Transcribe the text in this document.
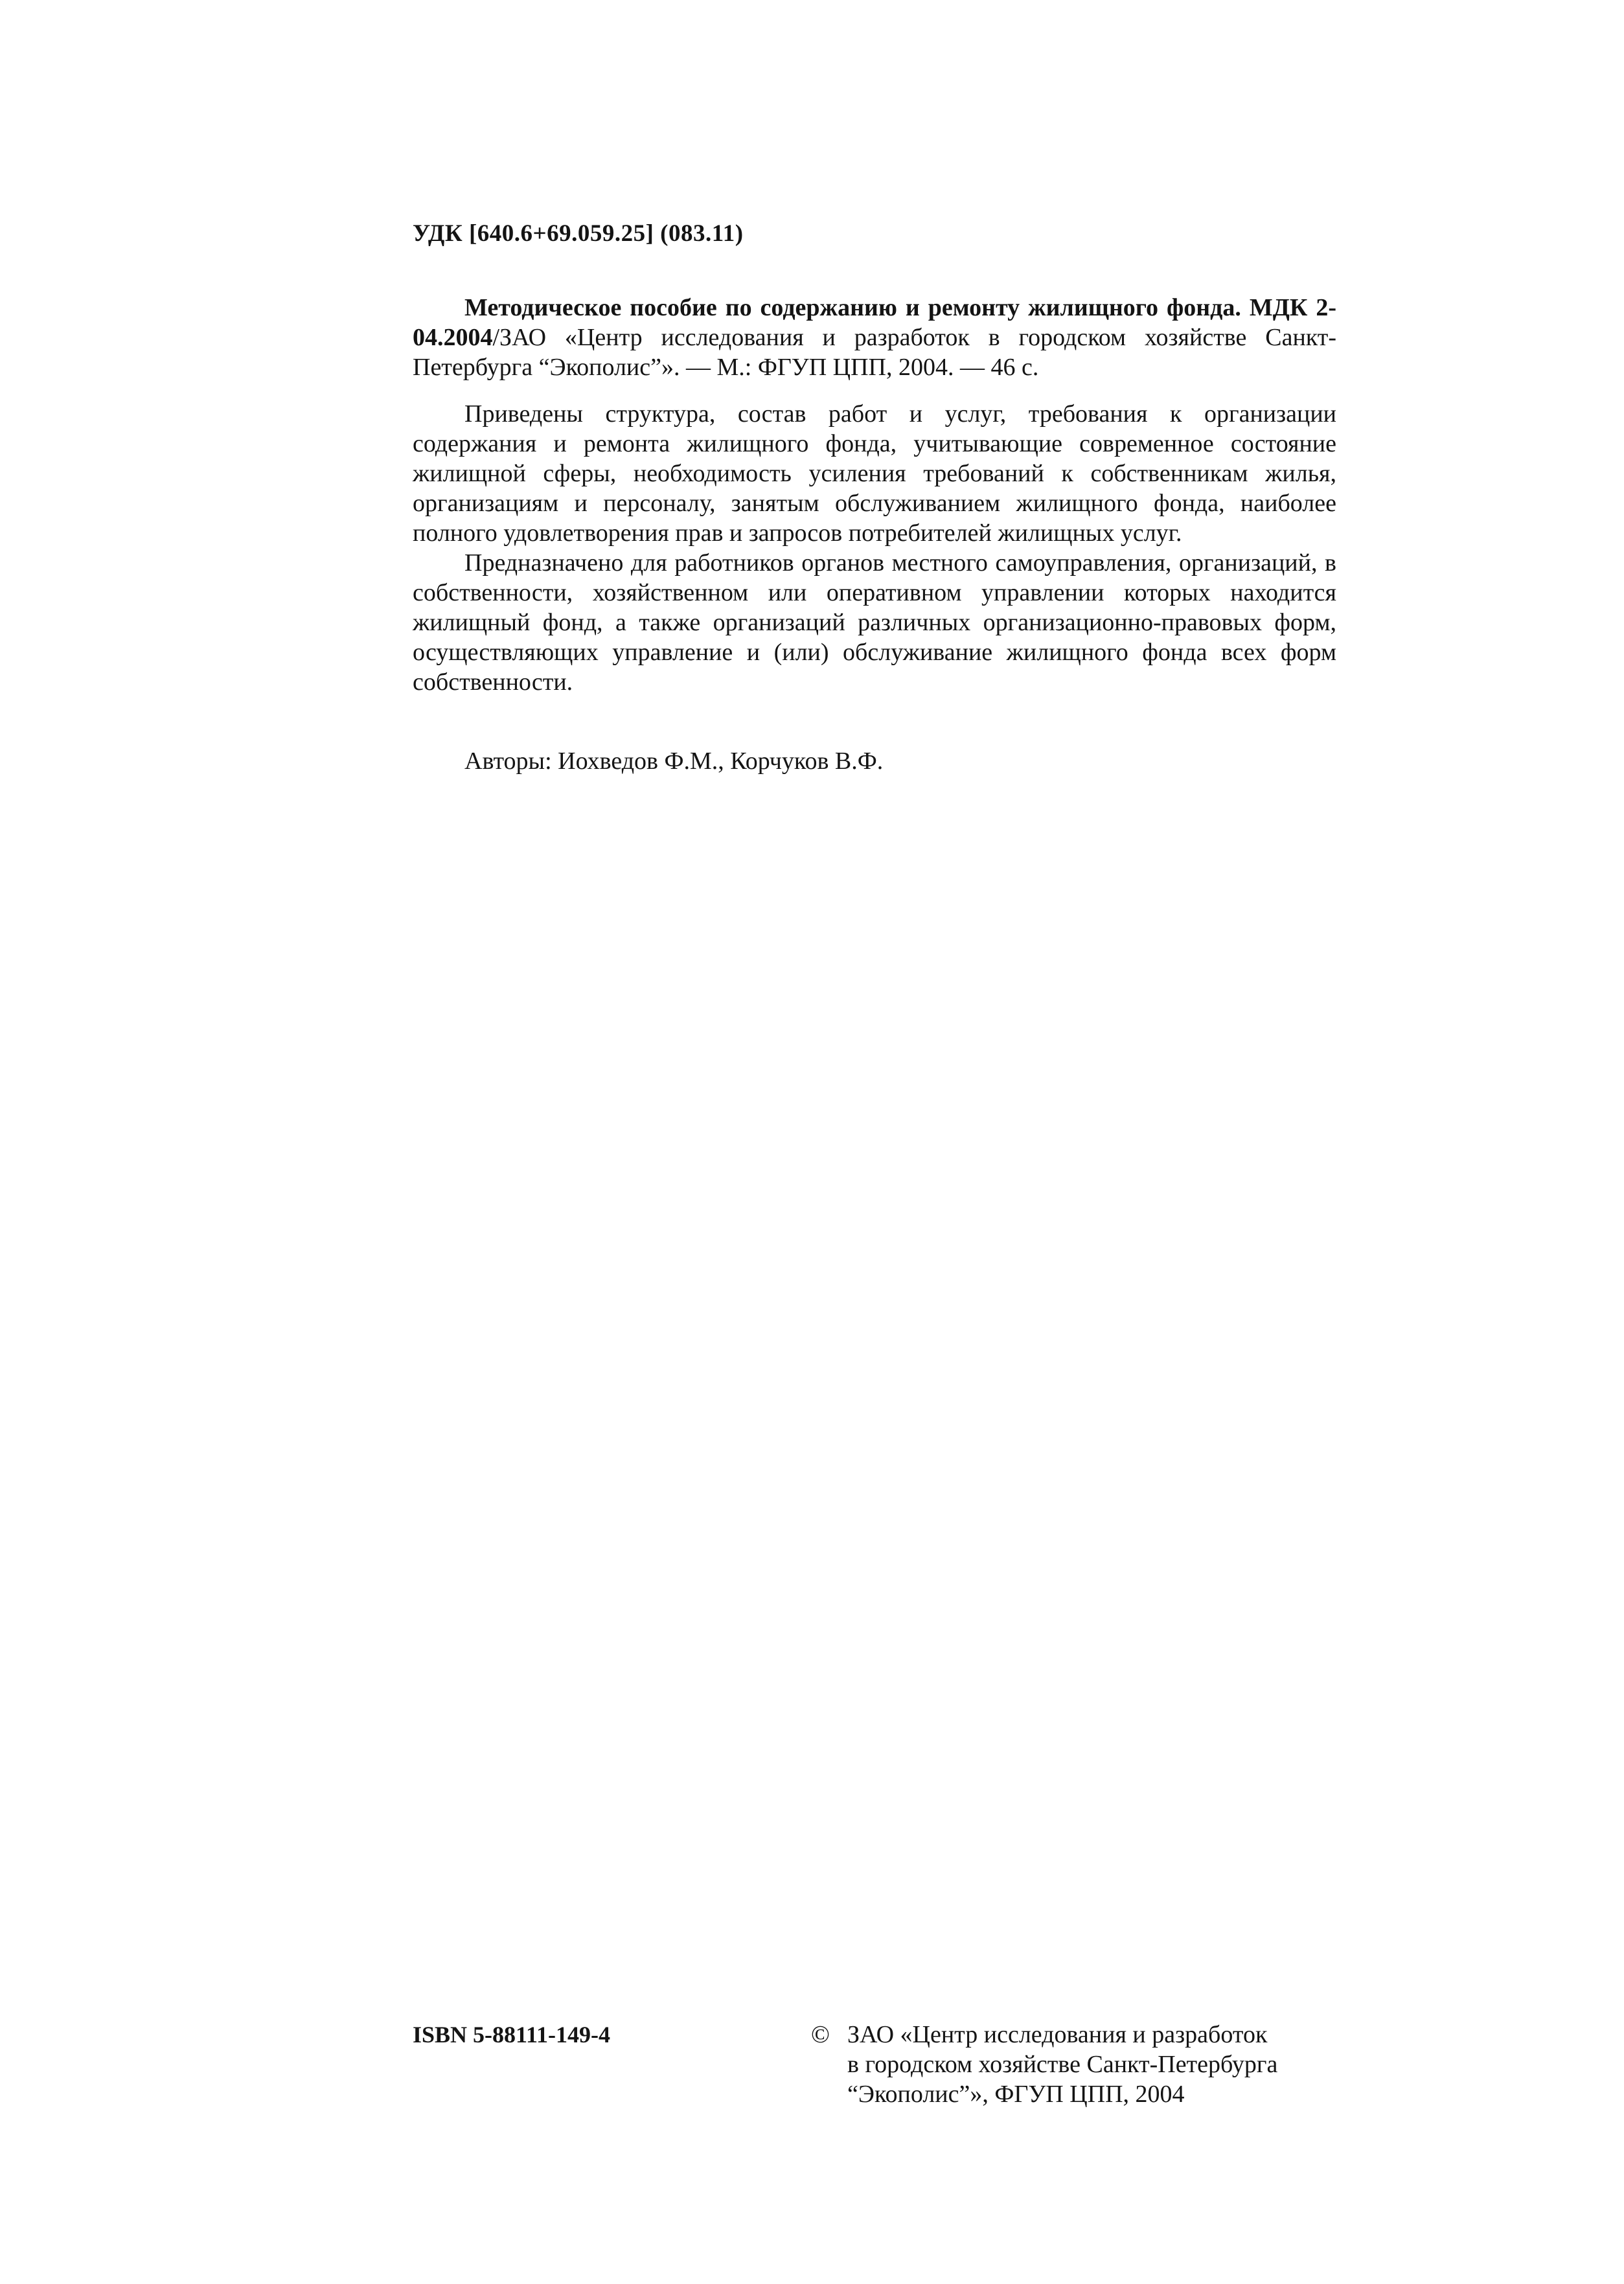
УДК [640.6+69.059.25] (083.11)
Методическое пособие по содержанию и ремонту жилищного фонда. МДК 2-04.2004/ЗАО «Центр исследования и разработок в городском хозяйстве Санкт-Петербурга “Экополис”». — М.: ФГУП ЦПП, 2004. — 46 с.

Приведены структура, состав работ и услуг, требования к организации содержания и ремонта жилищного фонда, учитывающие современное состояние жилищной сферы, необходимость усиления требований к собственникам жилья, организациям и персоналу, занятым обслуживанием жилищного фонда, наиболее полного удовлетворения прав и запросов потребителей жилищных услуг.

Предназначено для работников органов местного самоуправления, организаций, в собственности, хозяйственном или оперативном управлении которых находится жилищный фонд, а также организаций различных организационно-правовых форм, осуществляющих управление и (или) обслуживание жилищного фонда всех форм собственности.

Авторы: Иохведов Ф.М., Корчуков В.Ф.
ISBN 5-88111-149-4	© ЗАО «Центр исследования и разработок
в городском хозяйстве Санкт-Петербурга
“Экополис”», ФГУП ЦПП, 2004
